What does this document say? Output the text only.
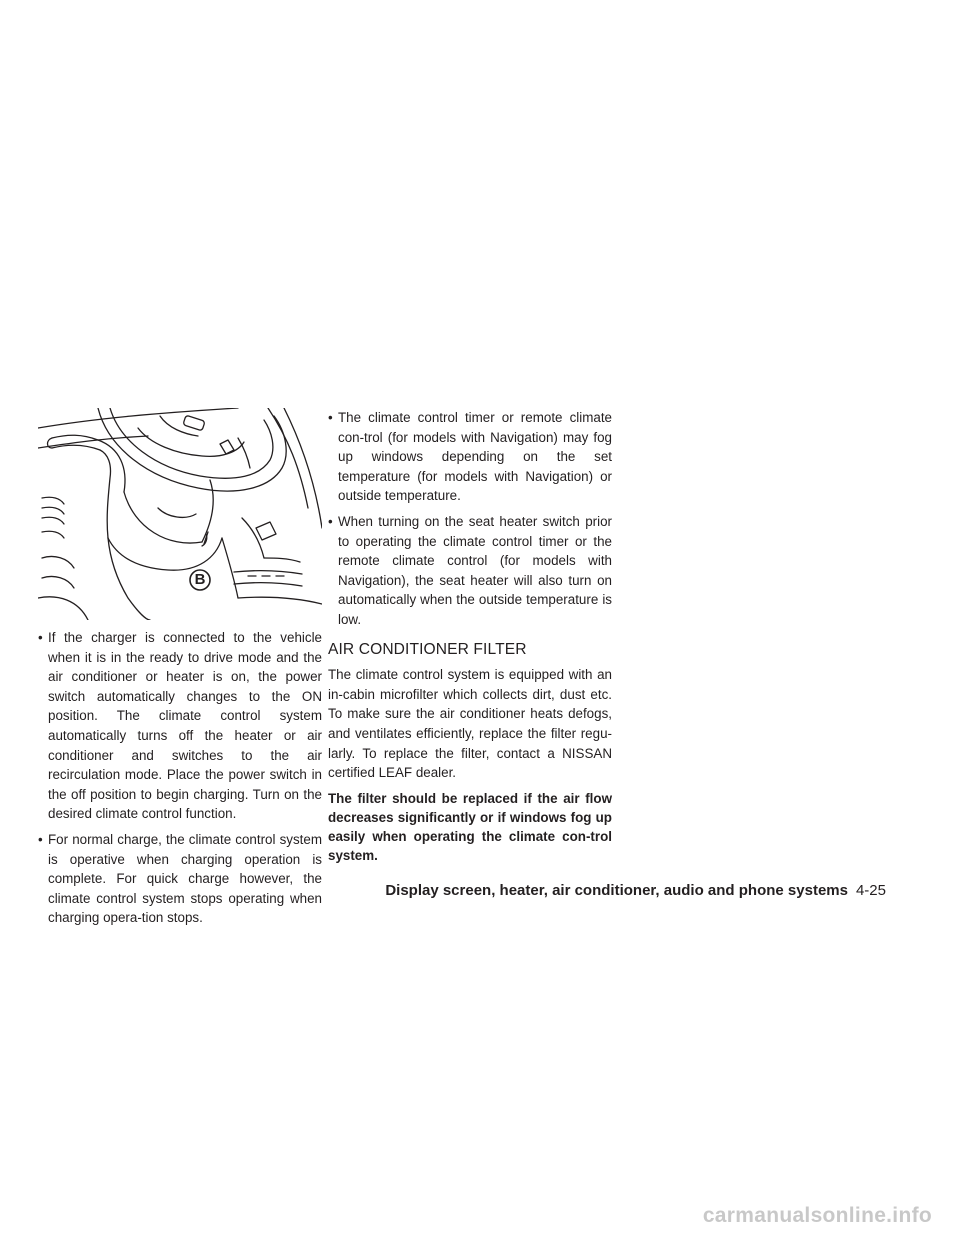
B
• If the charger is connected to the vehicle when it is in the ready to drive mode and the air conditioner or heater is on, the power switch automatically changes to the ON position. The climate control system automatically turns off the heater or air conditioner and switches to the air recirculation mode. Place the power switch in the off position to begin charging. Turn on the desired climate control function.
• For normal charge, the climate control system is operative when charging operation is complete. For quick charge however, the climate control system stops operating when charging opera-tion stops.
• The climate control timer or remote climate con-trol (for models with Navigation) may fog up windows depending on the set temperature (for models with Navigation) or outside temperature.
• When turning on the seat heater switch prior to operating the climate control timer or the remote climate control (for models with Navigation), the seat heater will also turn on automatically when the outside temperature is low.
AIR CONDITIONER FILTER

The climate control system is equipped with an in-cabin microfilter which collects dirt, dust etc. To make sure the air conditioner heats defogs, and ventilates efficiently, replace the filter regu-larly. To replace the filter, contact a NISSAN certified LEAF dealer.

The filter should be replaced if the air flow decreases significantly or if windows fog up easily when operating the climate con-trol system.

Display screen, heater, air conditioner, audio and phone systems 4-25
carmanualsonline.info
